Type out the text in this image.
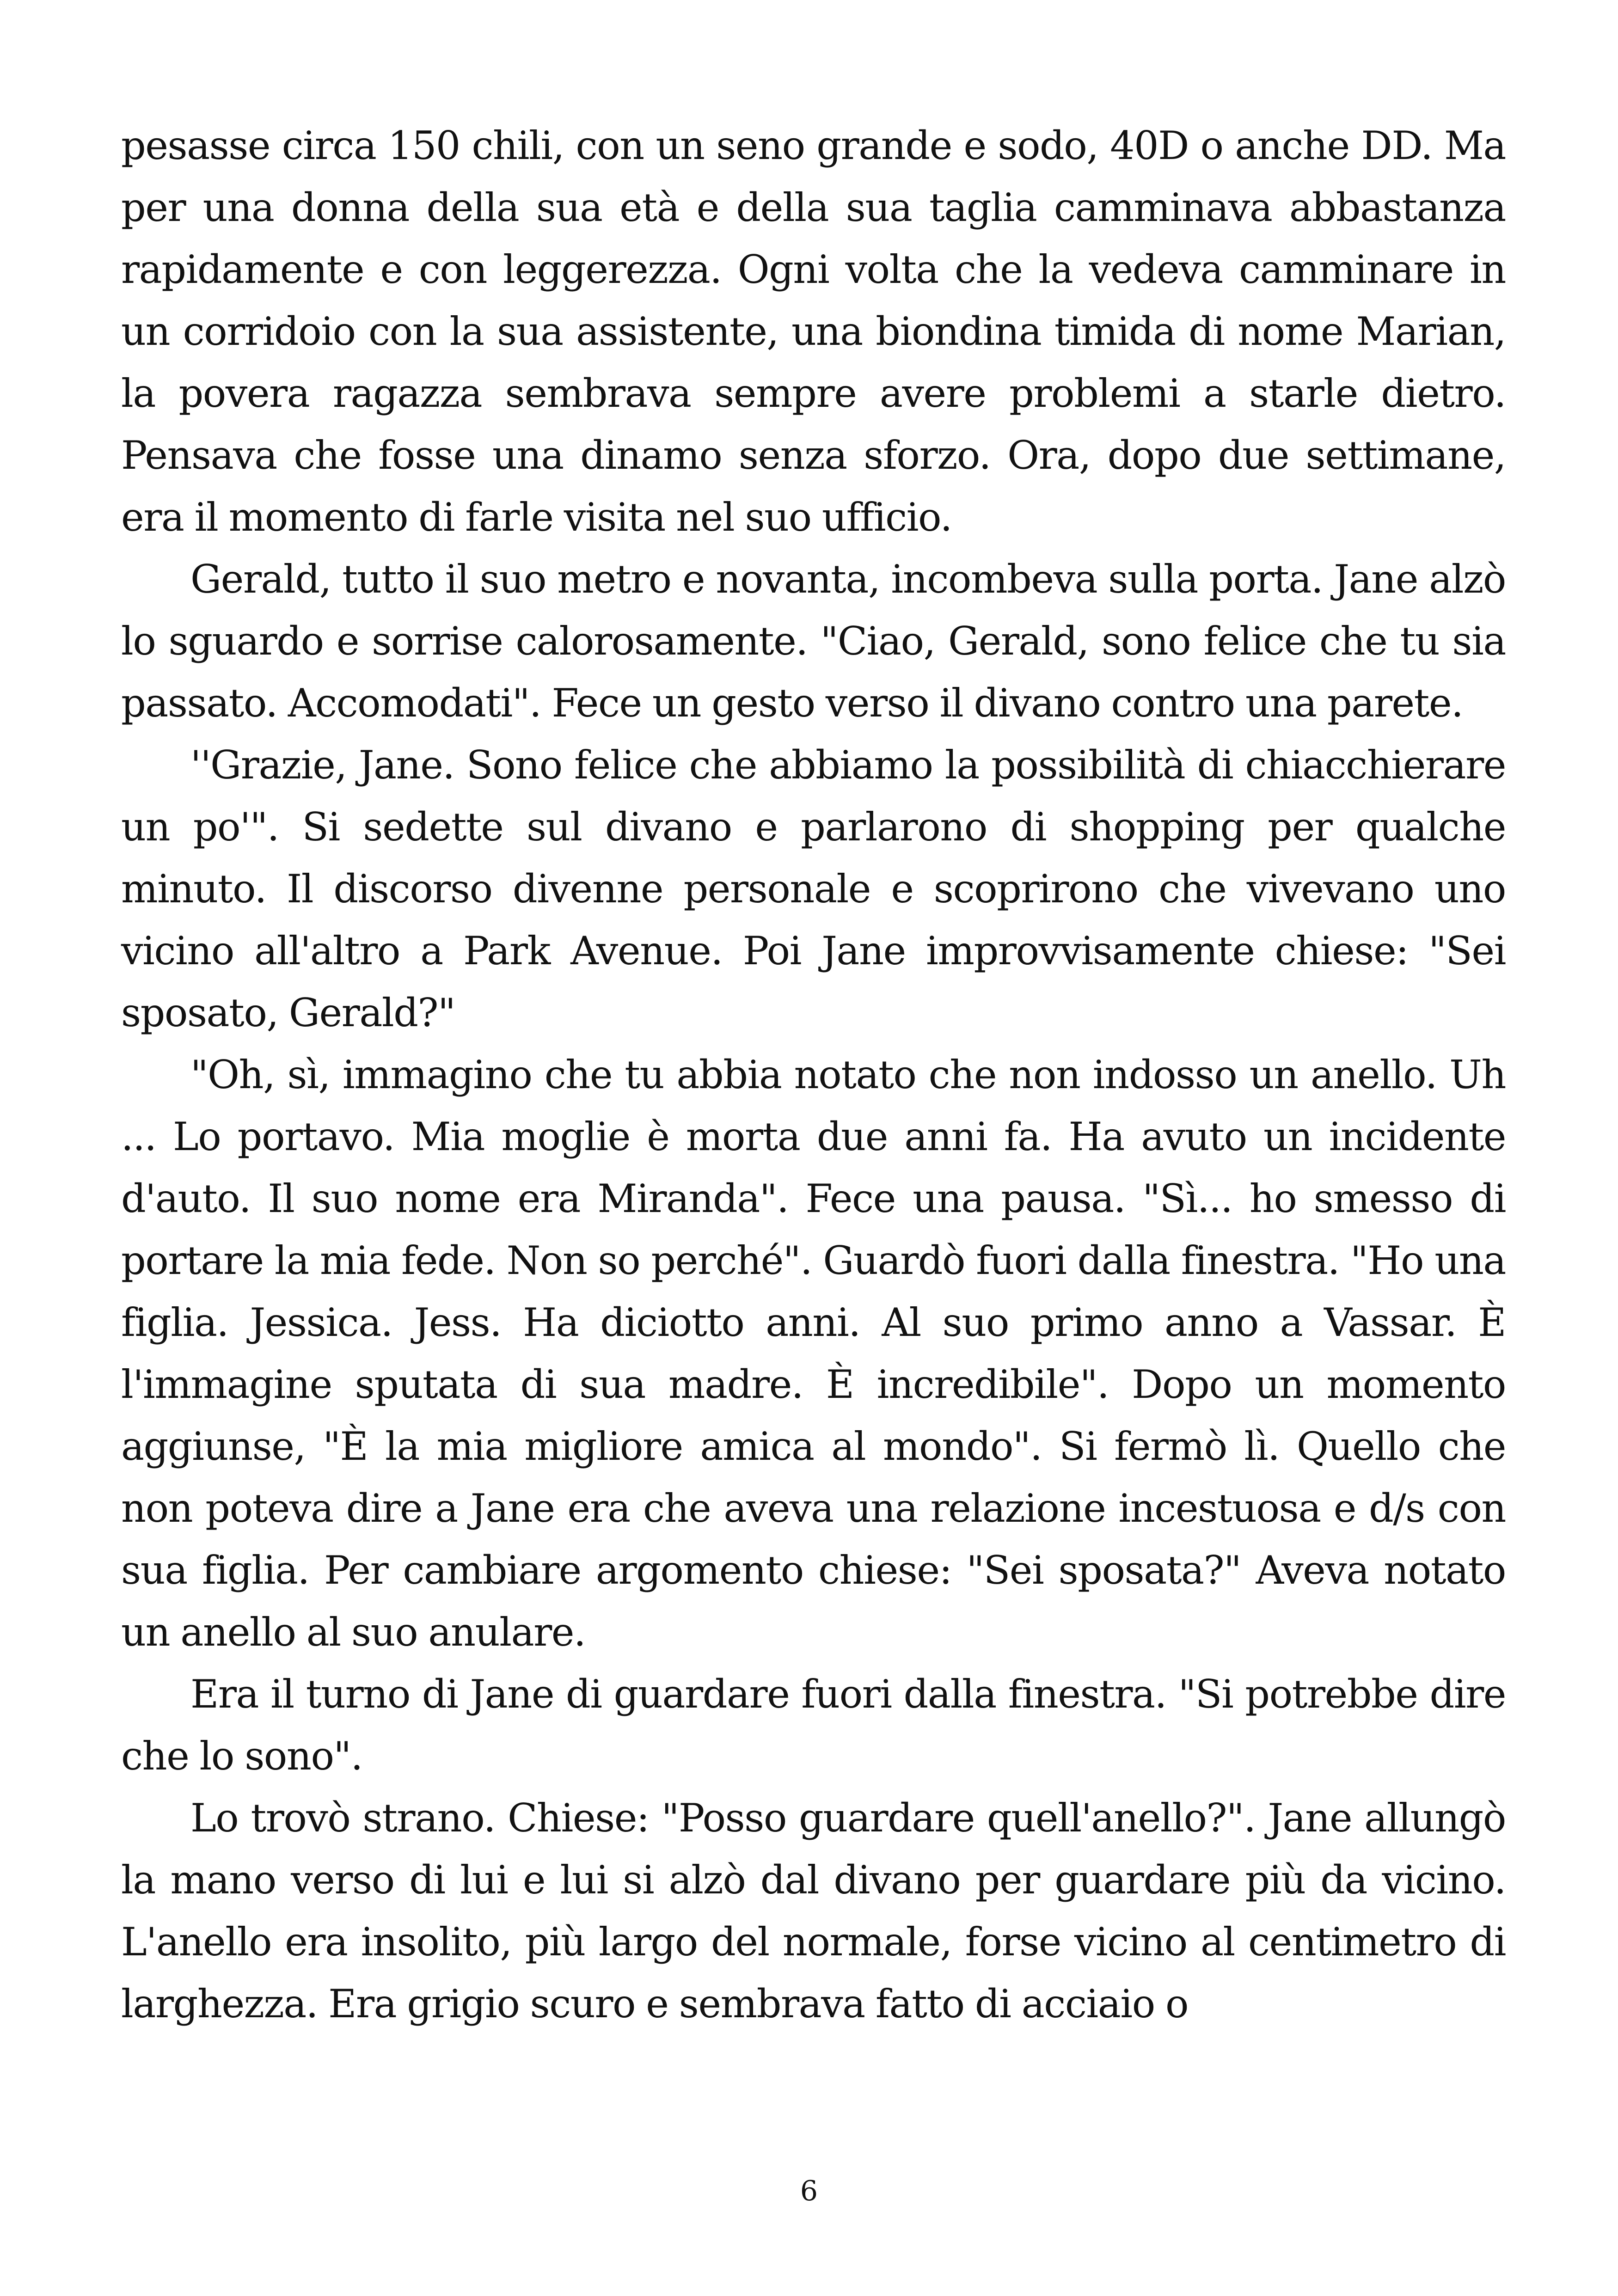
pesasse circa 150 chili, con un seno grande e sodo, 40D o anche DD. Ma per una donna della sua età e della sua taglia camminava abbastanza rapidamente e con leggerezza. Ogni volta che la vedeva camminare in un corridoio con la sua assistente, una biondina timida di nome Marian, la povera ragazza sembrava sempre avere problemi a starle dietro. Pensava che fosse una dinamo senza sforzo. Ora, dopo due settimane, era il momento di farle visita nel suo ufficio.

Gerald, tutto il suo metro e novanta, incombeva sulla porta. Jane alzò lo sguardo e sorrise calorosamente. "Ciao, Gerald, sono felice che tu sia passato. Accomodati". Fece un gesto verso il divano contro una parete.

''Grazie, Jane. Sono felice che abbiamo la possibilità di chiacchierare un po'". Si sedette sul divano e parlarono di shopping per qualche minuto. Il discorso divenne personale e scoprirono che vivevano uno vicino all'altro a Park Avenue. Poi Jane improvvisamente chiese: "Sei sposato, Gerald?"

"Oh, sì, immagino che tu abbia notato che non indosso un anello. Uh ... Lo portavo. Mia moglie è morta due anni fa. Ha avuto un incidente d'auto. Il suo nome era Miranda". Fece una pausa. "Sì... ho smesso di portare la mia fede. Non so perché". Guardò fuori dalla finestra. "Ho una figlia. Jessica. Jess. Ha diciotto anni. Al suo primo anno a Vassar. È l'immagine sputata di sua madre. È incredibile". Dopo un momento aggiunse, "È la mia migliore amica al mondo". Si fermò lì. Quello che non poteva dire a Jane era che aveva una relazione incestuosa e d/s con sua figlia. Per cambiare argomento chiese: "Sei sposata?" Aveva notato un anello al suo anulare.

Era il turno di Jane di guardare fuori dalla finestra. "Si potrebbe dire che lo sono".

Lo trovò strano. Chiese: "Posso guardare quell'anello?". Jane allungò la mano verso di lui e lui si alzò dal divano per guardare più da vicino. L'anello era insolito, più largo del normale, forse vicino al centimetro di larghezza. Era grigio scuro e sembrava fatto di acciaio o

6
